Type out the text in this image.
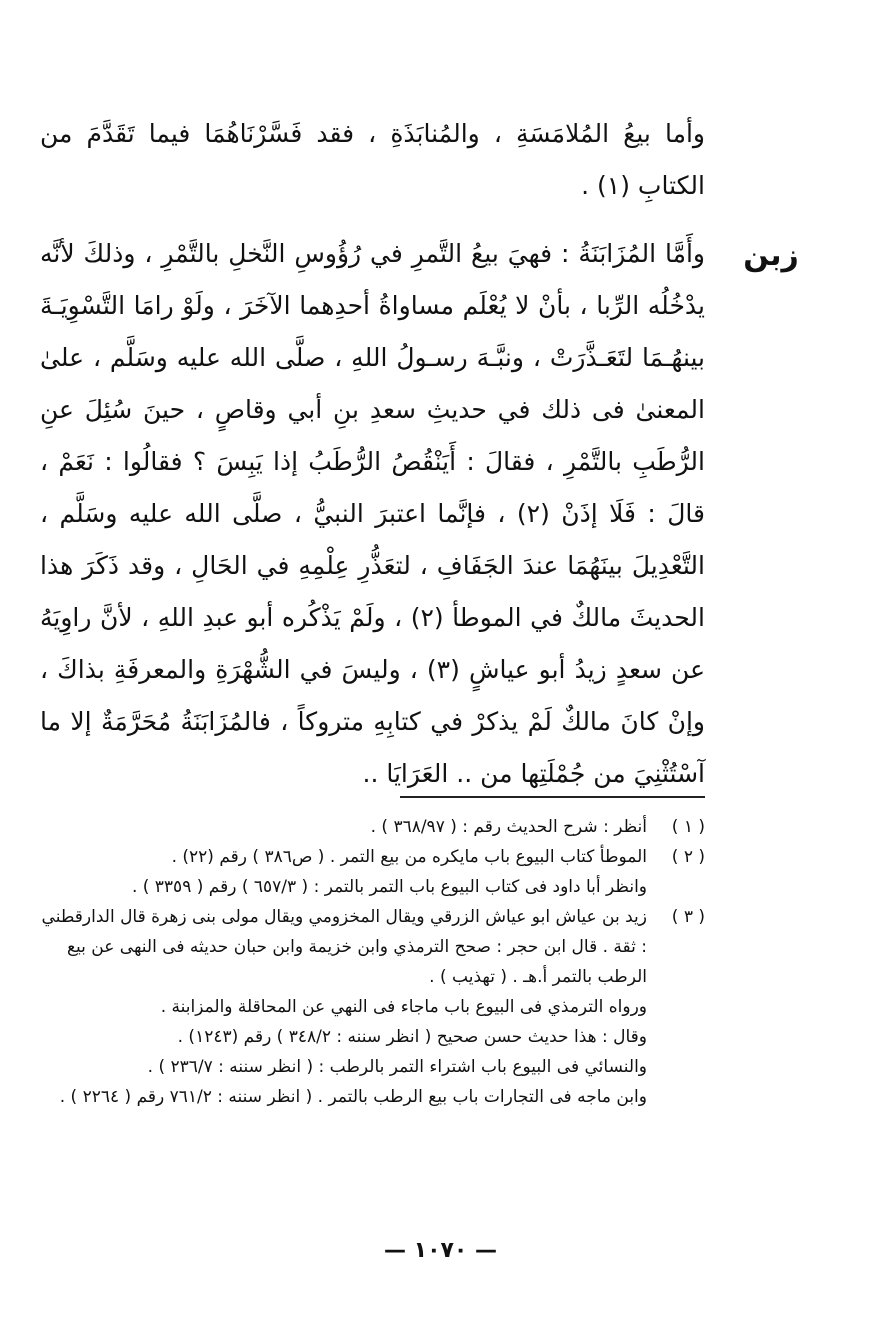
زبن

وأما بيعُ المُلامَسَةِ ، والمُنابَذَةِ ، فقد فَسَّرْنَاهُمَا فيما تَقَدَّمَ من الكتابِ (١) .

وأَمَّا المُزَابَنَةُ : فهيَ بيعُ التَّمرِ في رُؤُوسِ النَّخلِ بالتَّمْرِ ، وذلكَ لأنَّه يدْخُلُه الرِّبا ، بأنْ لا يُعْلَم مساواةُ أحدِهما الآخَرَ ، ولَوْ رامَا التَّسْوِيَـةَ بينهُـمَا لتَعَـذَّرَتْ ، ونبَّـهَ رسـولُ اللهِ ، صلَّى الله عليه وسَلَّم ، علىٰ المعنىٰ فى ذلك في حديثِ سعدِ بنِ أبي وقاصٍ ، حينَ سُئِلَ عنِ الرُّطَبِ بالتَّمْرِ ، فقالَ : أَيَنْقُصُ الرُّطَبُ إذا يَبِسَ ؟ فقالُوا : نَعَمْ ، قالَ : فَلَا إذَنْ (٢) ، فإنَّما اعتبرَ النبيُّ ، صلَّى الله عليه وسَلَّم ، التَّعْدِيلَ بينَهُمَا عندَ الجَفَافِ ، لتعَذُّرِ عِلْمِهِ في الحَالِ ، وقد ذَكَرَ هذا الحديثَ مالكٌ في الموطأ (٢) ، ولَمْ يَذْكُره أبو عبدِ اللهِ ، لأنَّ راوِيَهُ عن سعدٍ زيدُ أبو عياشٍ (٣) ، وليسَ في الشُّهْرَةِ والمعرفَةِ بذاكَ ، وإنْ كانَ مالكٌ لَمْ يذكرْ في كتابِهِ متروكاً ، فالمُزَابَنَةُ مُحَرَّمَةٌ إلا ما آسْتُثْنِيَ من جُمْلَتِها من .. العَرَايَا ..

( ١ )
أنظر : شرح الحديث رقم : ( ٣٦٨/٩٧ ) .
( ٢ )
الموطأ كتاب البيوع باب مايكره من بيع التمر . ( ص٣٨٦ ) رقم (٢٢) .
وانظر أبا داود فى كتاب البيوع باب التمر بالتمر : ( ٦٥٧/٣ ) رقم ( ٣٣٥٩ ) .
( ٣ )
زيد بن عياش ابو عياش الزرقي ويقال المخزومي ويقال مولى بنى زهرة قال الدارقطني : ثقة . قال ابن حجر : صحح الترمذي وابن خزيمة وابن حبان حديثه فى النهى عن بيع الرطب بالتمر أ.هـ . ( تهذيب ) .
ورواه الترمذي فى البيوع باب ماجاء فى النهي عن المحاقلة والمزابنة .
وقال : هذا حديث حسن صحيح ( انظر سننه : ٣٤٨/٢ ) رقم (١٢٤٣) .
والنسائي فى البيوع باب اشتراء التمر بالرطب : ( انظر سننه : ٢٣٦/٧ ) .
وابن ماجه فى التجارات باب بيع الرطب بالتمر . ( انظر سننه : ٧٦١/٢ رقم ( ٢٢٦٤ ) .
— ١٠٧٠ —
